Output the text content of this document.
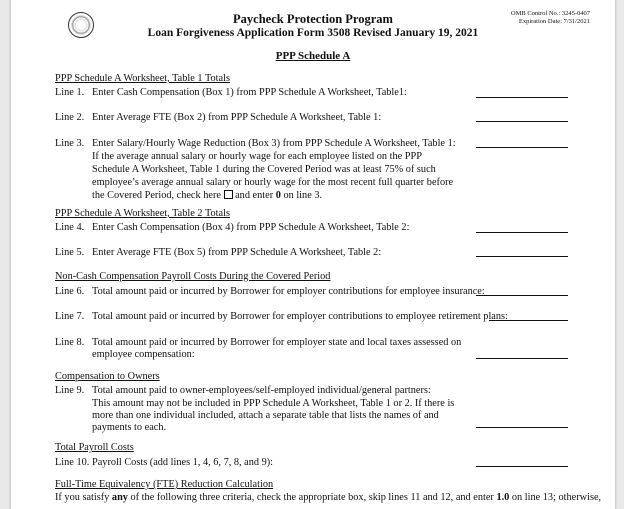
Paycheck Protection Program
Loan Forgiveness Application Form 3508 Revised January 19, 2021
PPP Schedule A
OMB Control No.: 3245-0407
Expiration Date: 7/31/2021
PPP Schedule A Worksheet, Table 1 Totals
Line 1. Enter Cash Compensation (Box 1) from PPP Schedule A Worksheet, Table1:
Line 2. Enter Average FTE (Box 2) from PPP Schedule A Worksheet, Table 1:
Line 3. Enter Salary/Hourly Wage Reduction (Box 3) from PPP Schedule A Worksheet, Table 1:
If the average annual salary or hourly wage for each employee listed on the PPP
Schedule A Worksheet, Table 1 during the Covered Period was at least 75% of such
employee’s average annual salary or hourly wage for the most recent full quarter before
the Covered Period, check here and enter 0 on line 3.
PPP Schedule A Worksheet, Table 2 Totals
Line 4. Enter Cash Compensation (Box 4) from PPP Schedule A Worksheet, Table 2:
Line 5. Enter Average FTE (Box 5) from PPP Schedule A Worksheet, Table 2:
Non-Cash Compensation Payroll Costs During the Covered Period
Line 6. Total amount paid or incurred by Borrower for employer contributions for employee insurance:
Line 7. Total amount paid or incurred by Borrower for employer contributions to employee retirement plans:
Line 8. Total amount paid or incurred by Borrower for employer state and local taxes assessed on
employee compensation:
Compensation to Owners
Line 9. Total amount paid to owner-employees/self-employed individual/general partners:
This amount may not be included in PPP Schedule A Worksheet, Table 1 or 2. If there is
more than one individual included, attach a separate table that lists the names of and
payments to each.
Total Payroll Costs
Line 10. Payroll Costs (add lines 1, 4, 6, 7, 8, and 9):
Full-Time Equivalency (FTE) Reduction Calculation
If you satisfy any of the following three criteria, check the appropriate box, skip lines 11 and 12, and enter 1.0 on line 13; otherwise,
